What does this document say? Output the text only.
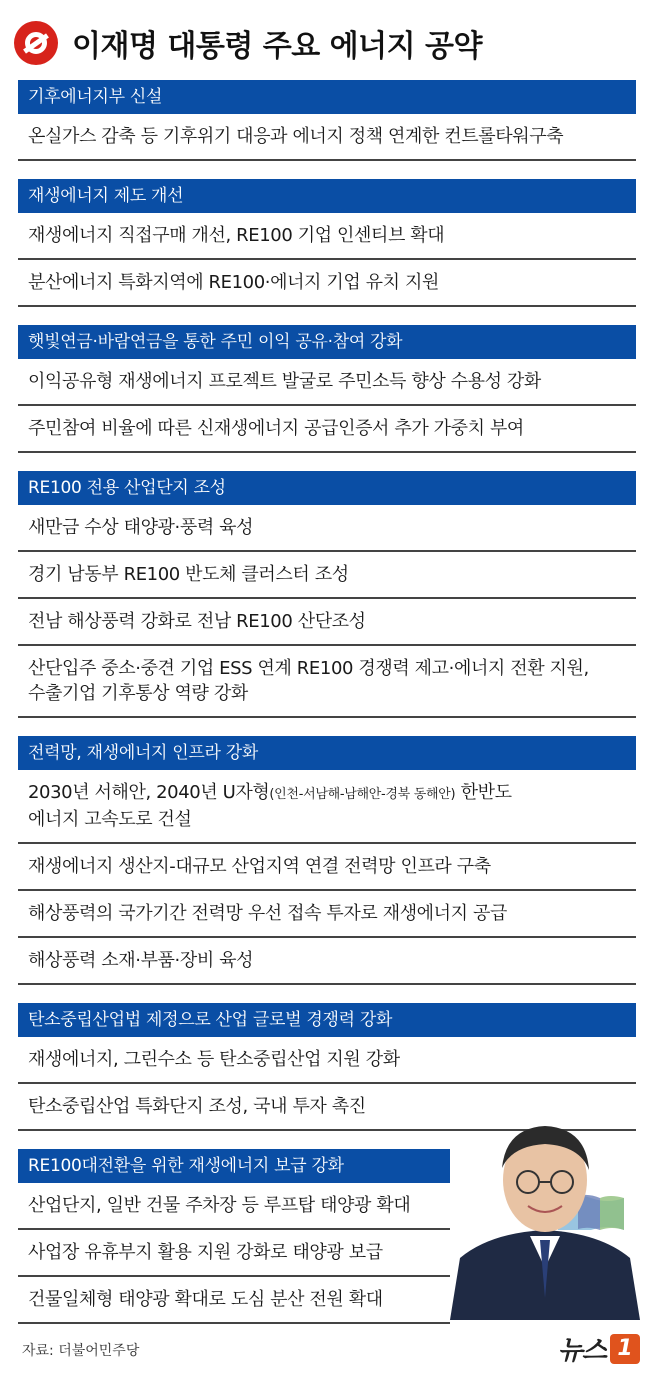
이재명 대통령 주요 에너지 공약
기후에너지부 신설
온실가스 감축 등 기후위기 대응과 에너지 정책 연계한 컨트롤타워구축
재생에너지 제도 개선
재생에너지 직접구매 개선, RE100 기업 인센티브 확대
분산에너지 특화지역에 RE100·에너지 기업 유치 지원
햇빛연금·바람연금을 통한 주민 이익 공유·참여 강화
이익공유형 재생에너지 프로젝트 발굴로 주민소득 향상 수용성 강화
주민참여 비율에 따른 신재생에너지 공급인증서 추가 가중치 부여
RE100 전용 산업단지 조성
새만금 수상 태양광·풍력 육성
경기 남동부 RE100 반도체 클러스터 조성
전남 해상풍력 강화로 전남 RE100 산단조성
산단입주 중소·중견 기업 ESS 연계 RE100 경쟁력 제고·에너지 전환 지원,
수출기업 기후통상 역량 강화
전력망, 재생에너지 인프라 강화
2030년 서해안, 2040년 U자형(인천-서남해-남해안-경북 동해안) 한반도
에너지 고속도로 건설
재생에너지 생산지-대규모 산업지역 연결 전력망 인프라 구축
해상풍력의 국가기간 전력망 우선 접속 투자로 재생에너지 공급
해상풍력 소재·부품·장비 육성
탄소중립산업법 제정으로 산업 글로벌 경쟁력 강화
재생에너지, 그린수소 등 탄소중립산업 지원 강화
탄소중립산업 특화단지 조성, 국내 투자 촉진
RE100대전환을 위한 재생에너지 보급 강화
산업단지, 일반 건물 주차장 등 루프탑 태양광 확대
사업장 유휴부지 활용 지원 강화로 태양광 보급
건물일체형 태양광 확대로 도심 분산 전원 확대
자료: 더불어민주당	뉴스 1
